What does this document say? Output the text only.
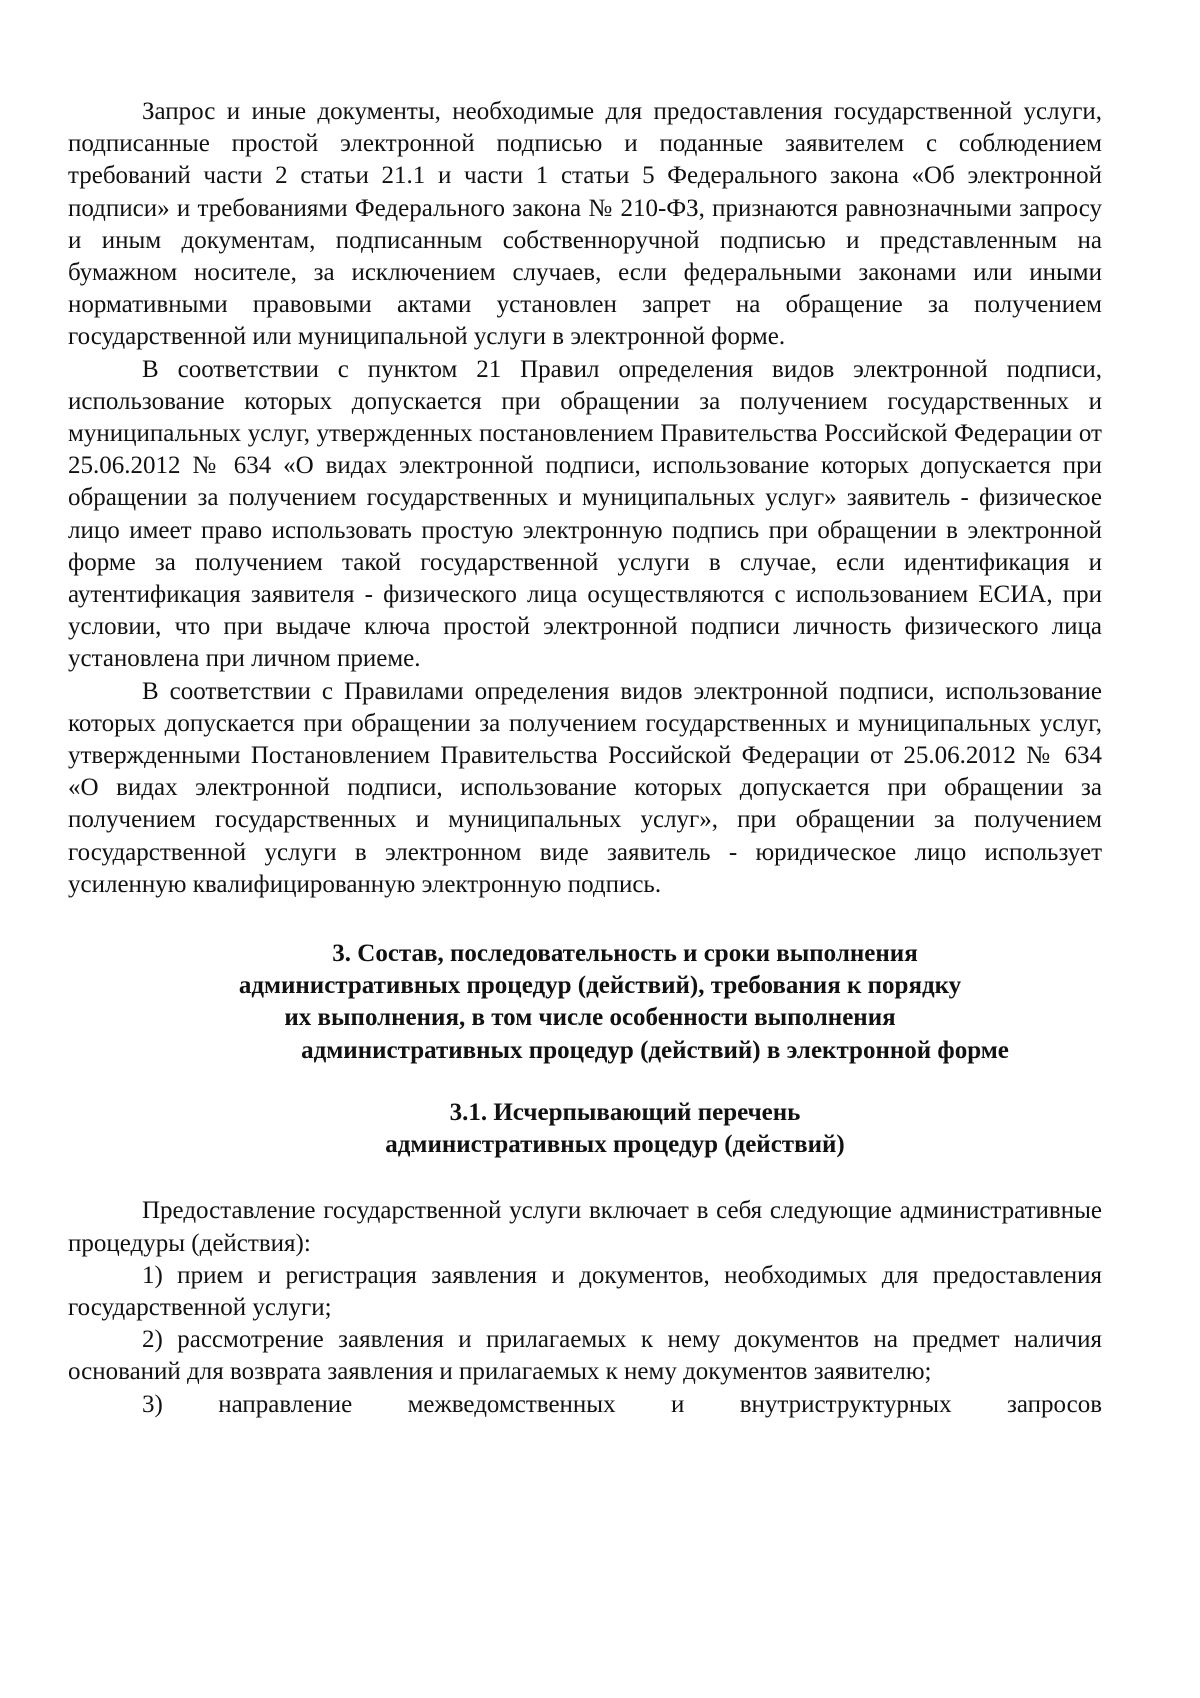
Запрос и иные документы, необходимые для предоставления государственной услуги, подписанные простой электронной подписью и поданные заявителем с соблюдением требований части 2 статьи 21.1 и части 1 статьи 5 Федерального закона «Об электронной подписи» и требованиями Федерального закона № 210-ФЗ, признаются равнозначными запросу и иным документам, подписанным собственноручной подписью и представленным на бумажном носителе, за исключением случаев, если федеральными законами или иными нормативными правовыми актами установлен запрет на обращение за получением государственной или муниципальной услуги в электронной форме.

В соответствии с пунктом 21 Правил определения видов электронной подписи, использование которых допускается при обращении за получением государственных и муниципальных услуг, утвержденных постановлением Правительства Российской Федерации от 25.06.2012 № 634 «О видах электронной подписи, использование которых допускается при обращении за получением государственных и муниципальных услуг» заявитель - физическое лицо имеет право использовать простую электронную подпись при обращении в электронной форме за получением такой государственной услуги в случае, если идентификация и аутентификация заявителя - физического лица осуществляются с использованием ЕСИА, при условии, что при выдаче ключа простой электронной подписи личность физического лица установлена при личном приеме.

В соответствии с Правилами определения видов электронной подписи, использование которых допускается при обращении за получением государственных и муниципальных услуг, утвержденными Постановлением Правительства Российской Федерации от 25.06.2012 № 634 «О видах электронной подписи, использование которых допускается при обращении за получением государственных и муниципальных услуг», при обращении за получением государственной услуги в электронном виде заявитель - юридическое лицо использует усиленную квалифицированную электронную подпись.

3. Состав, последовательность и сроки выполнения
административных процедур (действий), требования к порядку
их выполнения, в том числе особенности выполнения
административных процедур (действий) в электронной форме
3.1. Исчерпывающий перечень
административных процедур (действий)

Предоставление государственной услуги включает в себя следующие административные процедуры (действия):

1) прием и регистрация заявления и документов, необходимых для предоставления государственной услуги;

2) рассмотрение заявления и прилагаемых к нему документов на предмет наличия оснований для возврата заявления и прилагаемых к нему документов заявителю;

3) направление межведомственных и внутриструктурных запросов
